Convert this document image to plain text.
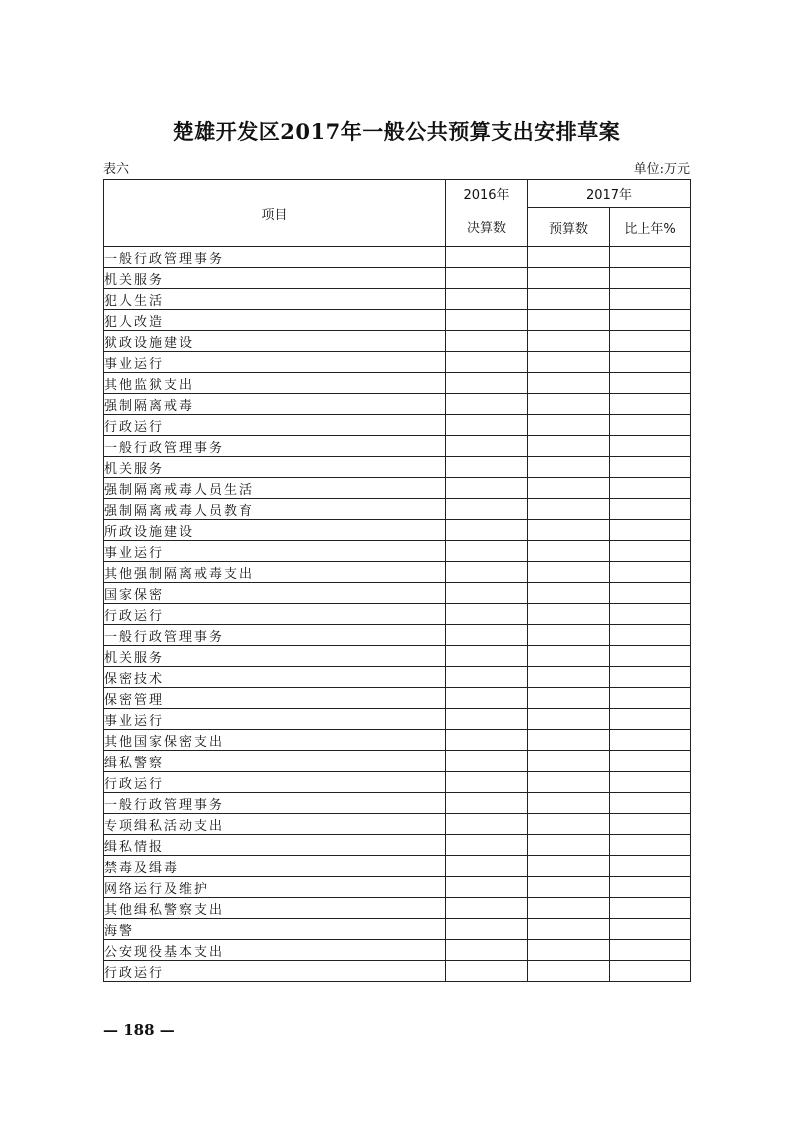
楚雄开发区2017年一般公共预算支出安排草案
表六	单位:万元
项目	2016年	2017年	
	决算数	预算数	比上年%
一般行政管理事务			
机关服务			
犯人生活			
犯人改造			
狱政设施建设			
事业运行			
其他监狱支出			
强制隔离戒毒			
行政运行			
一般行政管理事务			
机关服务			
强制隔离戒毒人员生活			
强制隔离戒毒人员教育			
所政设施建设			
事业运行			
其他强制隔离戒毒支出			
国家保密			
行政运行			
一般行政管理事务			
机关服务			
保密技术			
保密管理			
事业运行			
其他国家保密支出			
缉私警察			
行政运行			
一般行政管理事务			
专项缉私活动支出			
缉私情报			
禁毒及缉毒			
网络运行及维护			
其他缉私警察支出			
海警			
公安现役基本支出			
行政运行			
— 188 —
